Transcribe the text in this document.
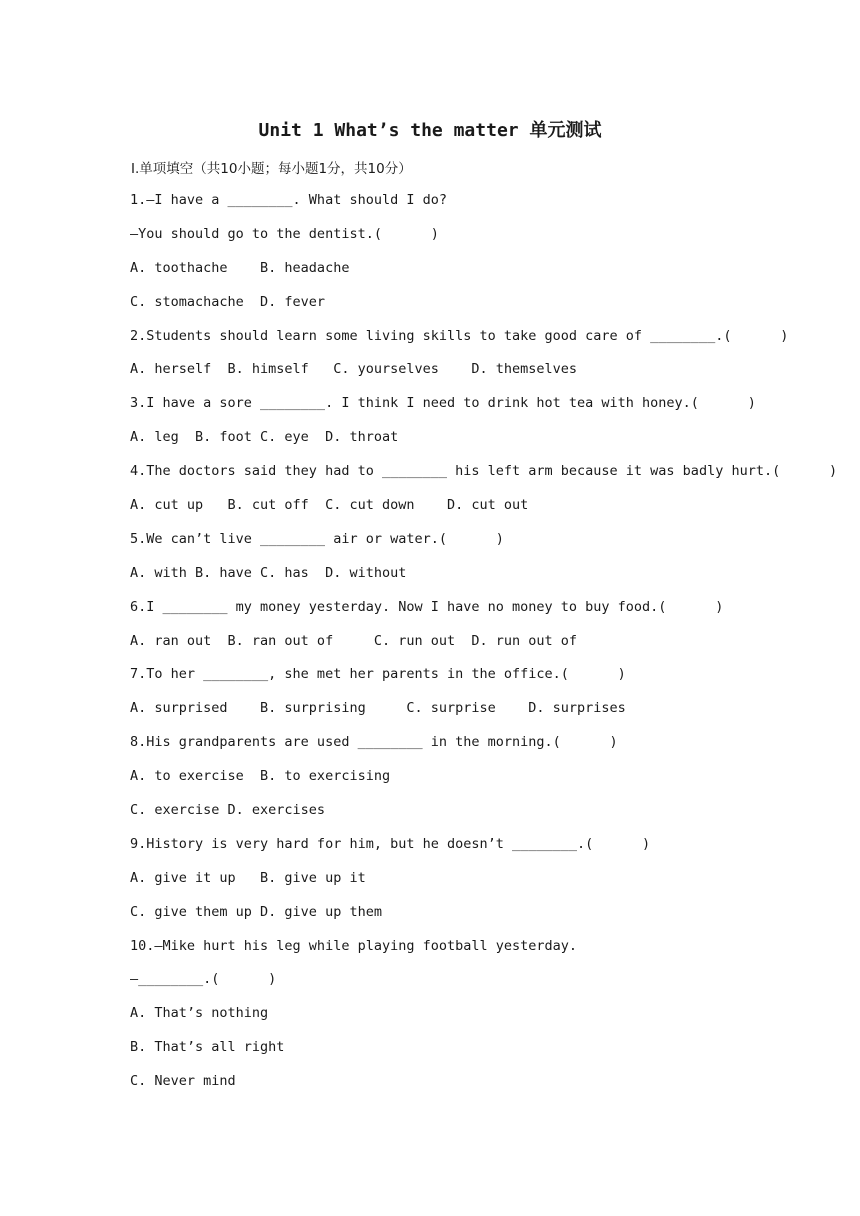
Unit 1 What’s the matter 单元测试
Ⅰ.单项填空（共10小题；每小题1分，共10分）
1.—I have a ________. What should I do?
—You should go to the dentist.(      )
A. toothache    B. headache
C. stomachache  D. fever
2.Students should learn some living skills to take good care of ________.(      )
A. herself  B. himself   C. yourselves    D. themselves
3.I have a sore ________. I think I need to drink hot tea with honey.(      )
A. leg  B. foot C. eye  D. throat
4.The doctors said they had to ________ his left arm because it was badly hurt.(      )
A. cut up   B. cut off  C. cut down    D. cut out
5.We can’t live ________ air or water.(      )
A. with B. have C. has  D. without
6.I ________ my money yesterday. Now I have no money to buy food.(      )
A. ran out  B. ran out of     C. run out  D. run out of
7.To her ________, she met her parents in the office.(      )
A. surprised    B. surprising     C. surprise    D. surprises
8.His grandparents are used ________ in the morning.(      )
A. to exercise  B. to exercising
C. exercise D. exercises
9.History is very hard for him, but he doesn’t ________.(      )
A. give it up   B. give up it
C. give them up D. give up them
10.—Mike hurt his leg while playing football yesterday.
—________.(      )
A. That’s nothing
B. That’s all right
C. Never mind
